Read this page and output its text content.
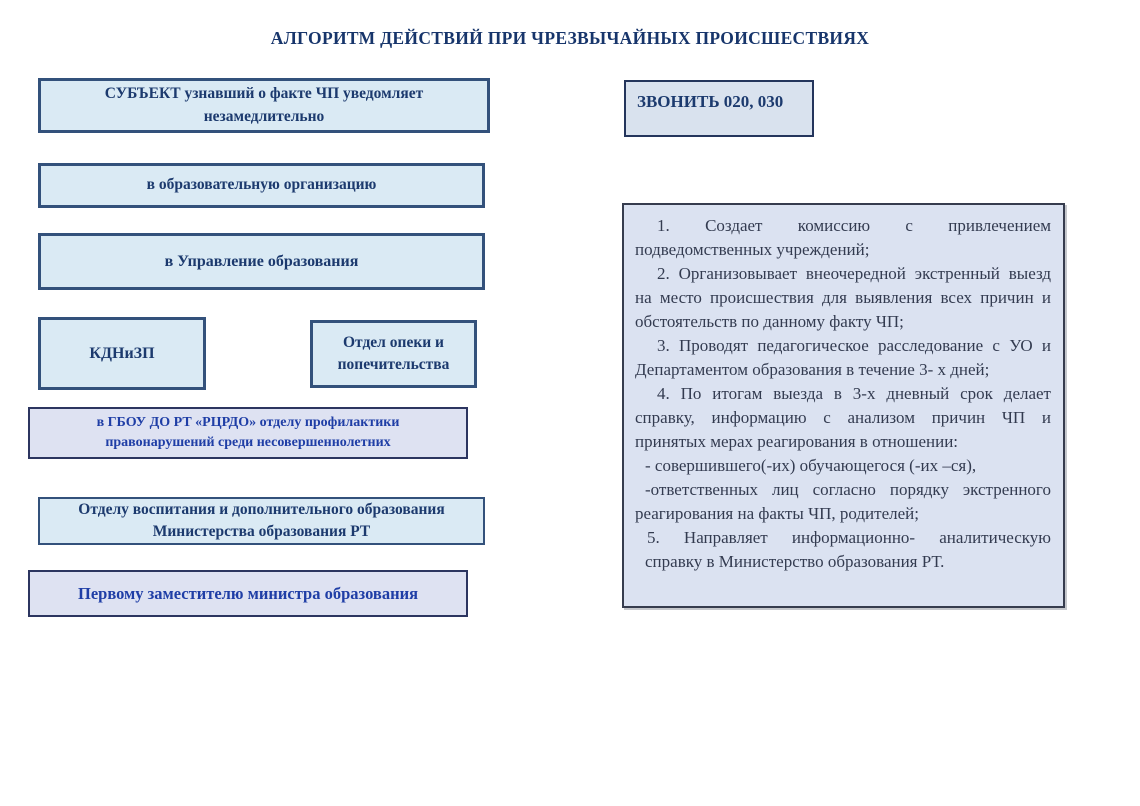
АЛГОРИТМ ДЕЙСТВИЙ ПРИ ЧРЕЗВЫЧАЙНЫХ ПРОИСШЕСТВИЯХ
СУБЪЕКТ узнавший о факте ЧП уведомляет незамедлительно
ЗВОНИТЬ 020, 030
в образовательную организацию
в Управление образования
КДНиЗП
Отдел опеки и попечительства
в ГБОУ ДО РТ «РЦРДО» отделу профилактики правонарушений среди несовершеннолетних
Отделу воспитания и дополнительного образования Министерства образования РТ
Первому заместителю министра образования

1. Создает комиссию с привлечением подведомственных учреждений;

2. Организовывает внеочередной экстренный выезд на место происшествия для выявления всех причин и обстоятельств по данному факту ЧП;

3. Проводят педагогическое расследование с УО и Департаментом образования в течение 3- х дней;

4. По итогам выезда в 3-х дневный срок делает справку, информацию с анализом причин ЧП и принятых мерах реагирования в отношении:

- совершившего(-их) обучающегося (-их –ся),

-ответственных лиц согласно порядку экстренного реагирования на факты ЧП, родителей;

5. Направляет информационно- аналитическую справку в Министерство образования РТ.
